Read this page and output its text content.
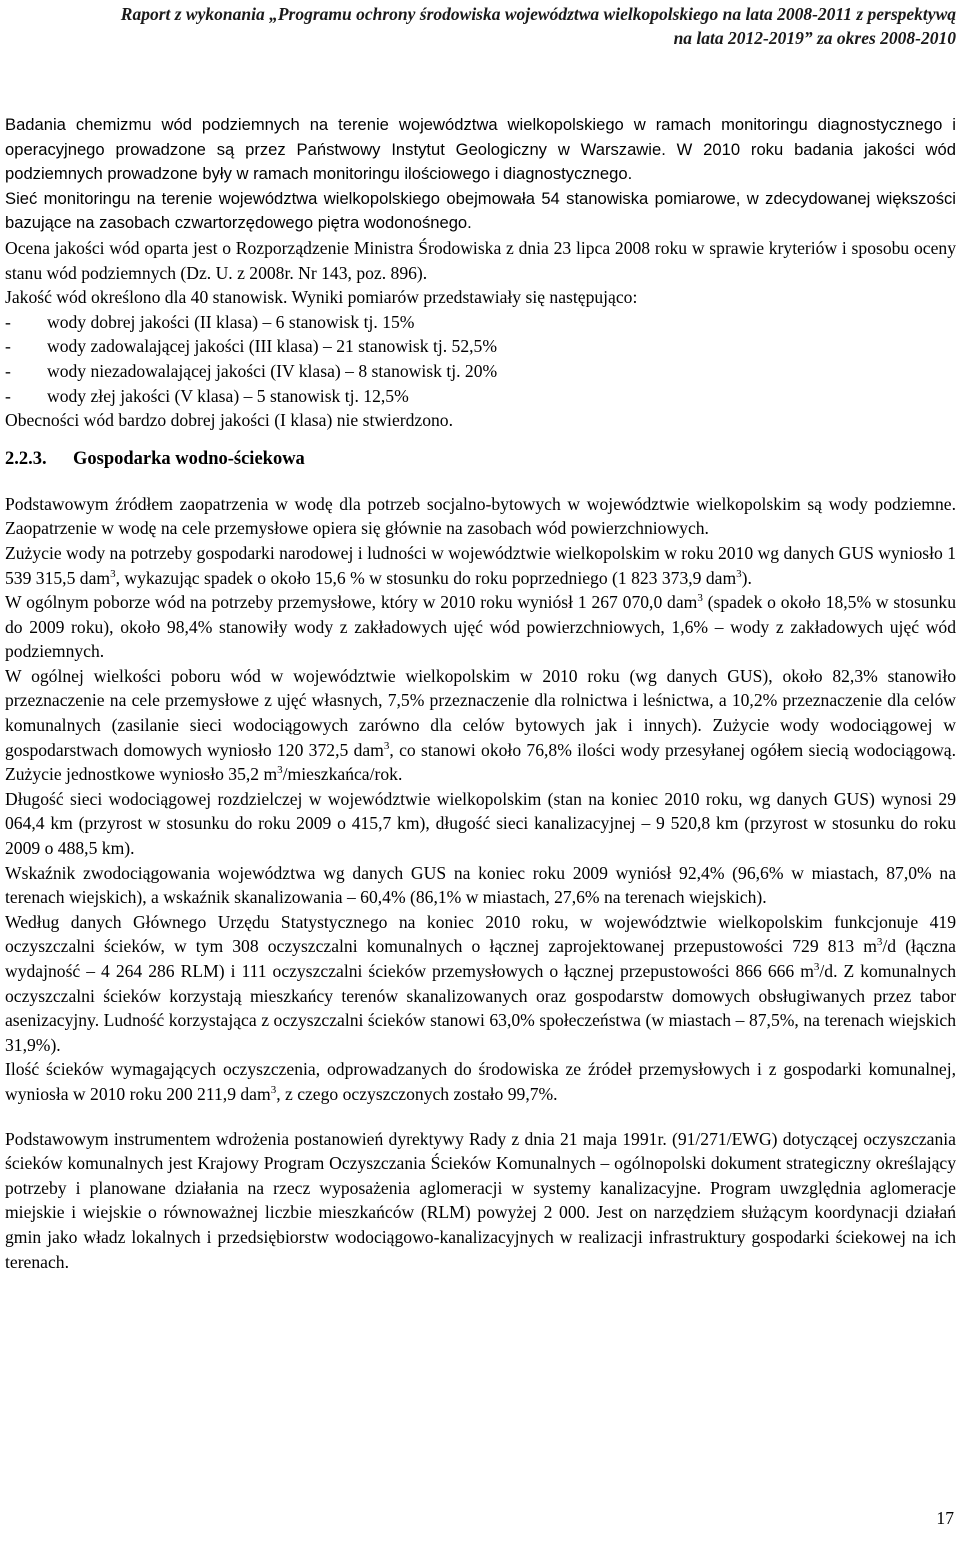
Raport z wykonania „Programu ochrony środowiska województwa wielkopolskiego na lata 2008-2011 z perspektywą
na lata 2012-2019” za okres 2008-2010

Badania chemizmu wód podziemnych na terenie województwa wielkopolskiego w ramach monitoringu diagnostycznego i operacyjnego prowadzone są przez Państwowy Instytut Geologiczny w Warszawie. W 2010 roku badania jakości wód podziemnych prowadzone były w ramach monitoringu ilościowego i diagnostycznego.

Sieć monitoringu na terenie województwa wielkopolskiego obejmowała 54 stanowiska pomiarowe, w zdecydowanej większości bazujące na zasobach czwartorzędowego piętra wodonośnego.

Ocena jakości wód oparta jest o Rozporządzenie Ministra Środowiska z dnia 23 lipca 2008 roku w sprawie kryteriów i sposobu oceny stanu wód podziemnych (Dz. U. z 2008r. Nr 143, poz. 896).

Jakość wód określono dla 40 stanowisk. Wyniki pomiarów przedstawiały się następująco:

-	wody dobrej jakości (II klasa) – 6 stanowisk tj. 15%
-	wody zadowalającej jakości (III klasa) – 21 stanowisk tj. 52,5%
-	wody niezadowalającej jakości (IV klasa) – 8 stanowisk tj. 20%
-	wody złej jakości (V klasa) – 5 stanowisk tj. 12,5%

Obecności wód bardzo dobrej jakości (I klasa) nie stwierdzono.

2.2.3. Gospodarka wodno-ściekowa

Podstawowym źródłem zaopatrzenia w wodę dla potrzeb socjalno-bytowych w województwie wielkopolskim są wody podziemne. Zaopatrzenie w wodę na cele przemysłowe opiera się głównie na zasobach wód powierzchniowych.

Zużycie wody na potrzeby gospodarki narodowej i ludności w województwie wielkopolskim w roku 2010 wg danych GUS wyniosło 1 539 315,5 dam$^3$, wykazując spadek o około 15,6 % w stosunku do roku poprzedniego (1 823 373,9 dam$^3$).

W ogólnym poborze wód na potrzeby przemysłowe, który w 2010 roku wyniósł 1 267 070,0 dam$^3$ (spadek o około 18,5% w stosunku do 2009 roku), około 98,4% stanowiły wody z zakładowych ujęć wód powierzchniowych, 1,6% – wody z zakładowych ujęć wód podziemnych.

W ogólnej wielkości poboru wód w województwie wielkopolskim w 2010 roku (wg danych GUS), około 82,3% stanowiło przeznaczenie na cele przemysłowe z ujęć własnych, 7,5% przeznaczenie dla rolnictwa i leśnictwa, a 10,2% przeznaczenie dla celów komunalnych (zasilanie sieci wodociągowych zarówno dla celów bytowych jak i innych). Zużycie wody wodociągowej w gospodarstwach domowych wyniosło 120 372,5 dam$^3$, co stanowi około 76,8% ilości wody przesyłanej ogółem siecią wodociągową. Zużycie jednostkowe wyniosło 35,2 $m^3/mieszkańca$/rok.

Długość sieci wodociągowej rozdzielczej w województwie wielkopolskim (stan na koniec 2010 roku, wg danych GUS) wynosi 29 064,4 km (przyrost w stosunku do roku 2009 o 415,7 km), długość sieci kanalizacyjnej – 9 520,8 km (przyrost w stosunku do roku 2009 o 488,5 km).

Wskaźnik zwodociągowania województwa wg danych GUS na koniec roku 2009 wyniósł 92,4% (96,6% w miastach, 87,0% na terenach wiejskich), a wskaźnik skanalizowania – 60,4% (86,1% w miastach, 27,6% na terenach wiejskich).

Według danych Głównego Urzędu Statystycznego na koniec 2010 roku, w województwie wielkopolskim funkcjonuje 419 oczyszczalni ścieków, w tym 308 oczyszczalni komunalnych o łącznej zaprojektowanej przepustowości 729 813 $m^3/d$ (łączna wydajność – 4 264 286 RLM) i 111 oczyszczalni ścieków przemysłowych o łącznej przepustowości 866 666 $m^3/d$. Z komunalnych oczyszczalni ścieków korzystają mieszkańcy terenów skanalizowanych oraz gospodarstw domowych obsługiwanych przez tabor asenizacyjny. Ludność korzystająca z oczyszczalni ścieków stanowi 63,0% społeczeństwa (w miastach – 87,5%, na terenach wiejskich 31,9%).

Ilość ścieków wymagających oczyszczenia, odprowadzanych do środowiska ze źródeł przemysłowych i z gospodarki komunalnej, wyniosła w 2010 roku 200 211,9 dam$^3$, z czego oczyszczonych zostało 99,7%.

Podstawowym instrumentem wdrożenia postanowień dyrektywy Rady z dnia 21 maja 1991r. (91/271/EWG) dotyczącej oczyszczania ścieków komunalnych jest Krajowy Program Oczyszczania Ścieków Komunalnych – ogólnopolski dokument strategiczny określający potrzeby i planowane działania na rzecz wyposażenia aglomeracji w systemy kanalizacyjne. Program uwzględnia aglomeracje miejskie i wiejskie o równoważnej liczbie mieszkańców (RLM) powyżej 2 000. Jest on narzędziem służącym koordynacji działań gmin jako władz lokalnych i przedsiębiorstw wodociągowo-kanalizacyjnych w realizacji infrastruktury gospodarki ściekowej na ich terenach.

17
